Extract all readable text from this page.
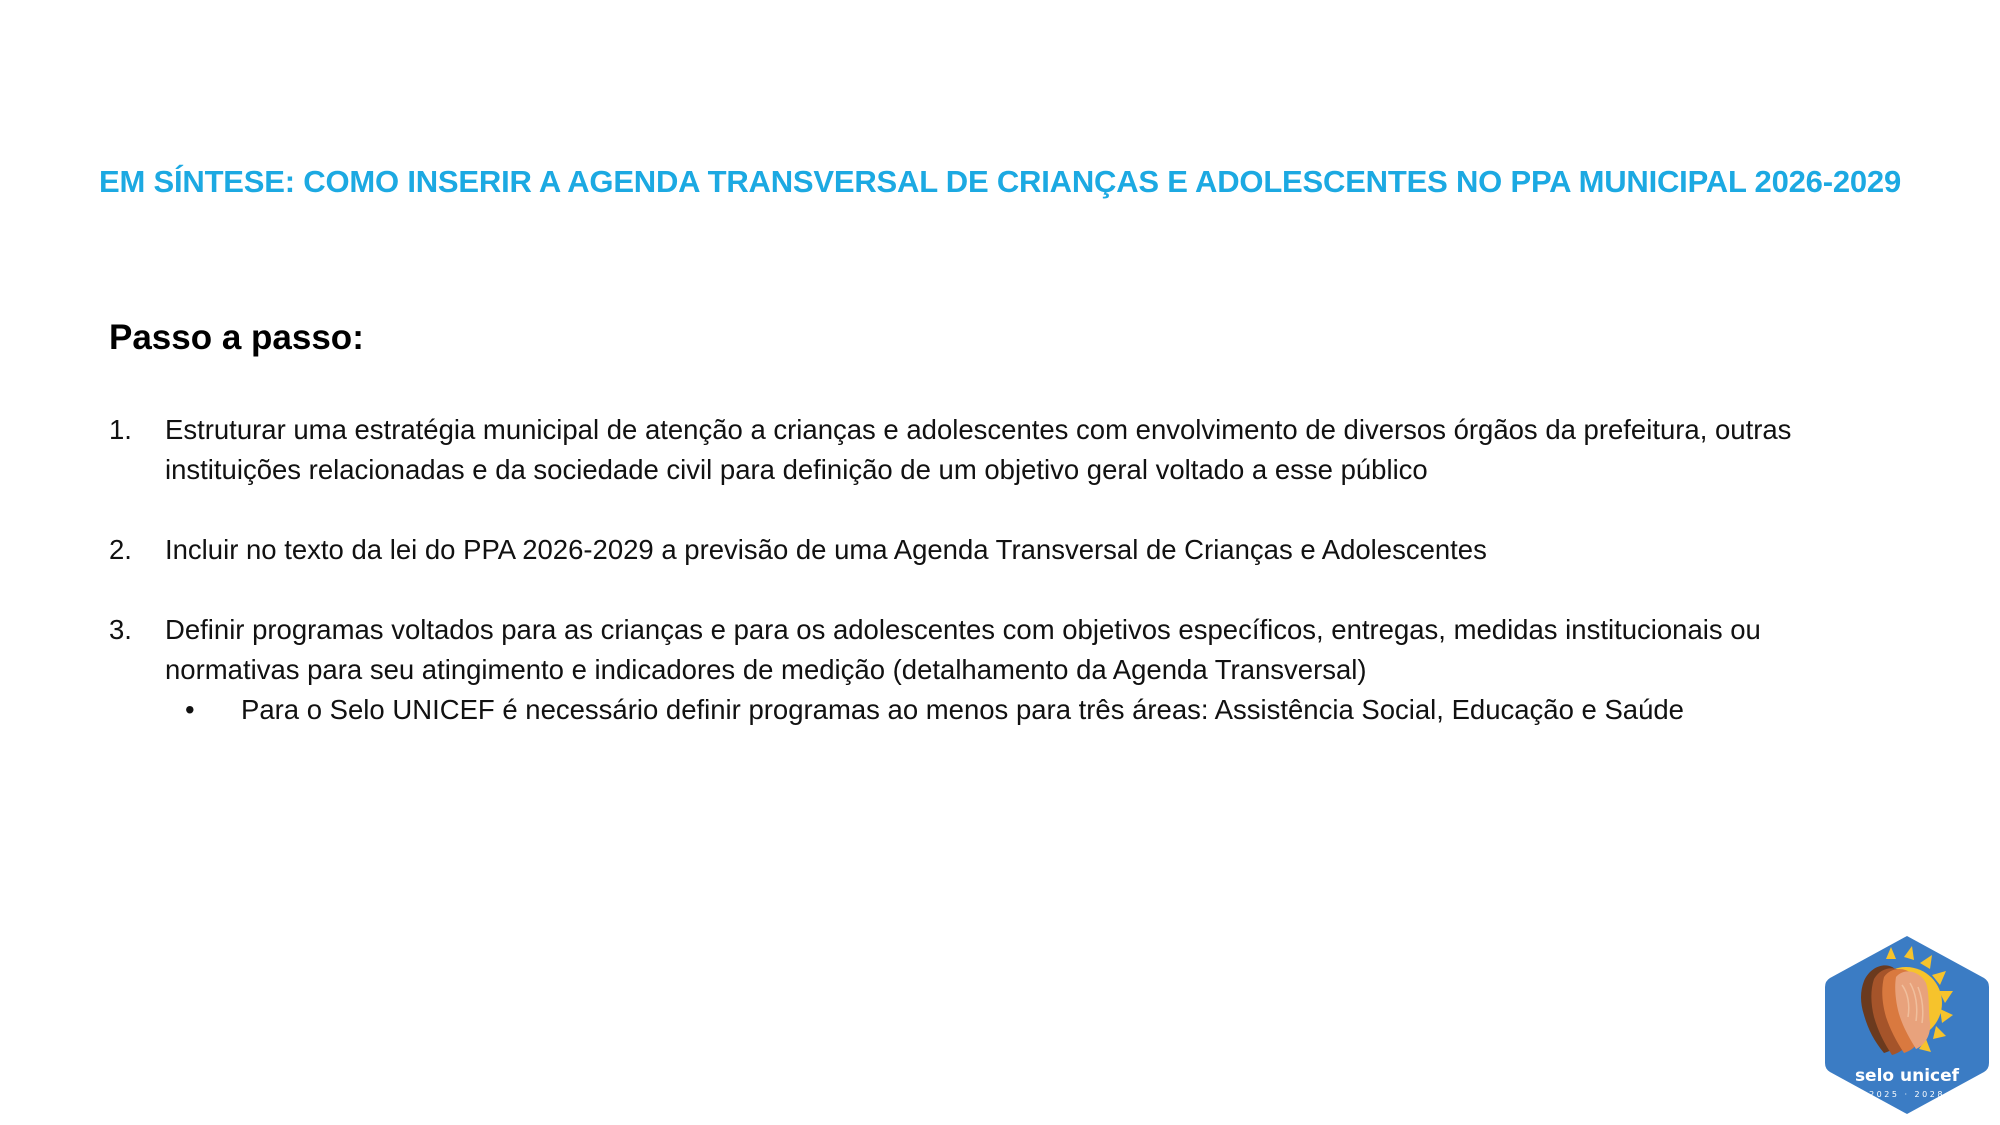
EM SÍNTESE: COMO INSERIR A AGENDA TRANSVERSAL DE CRIANÇAS E ADOLESCENTES NO PPA MUNICIPAL 2026-2029
Passo a passo:
1. Estruturar uma estratégia municipal de atenção a crianças e adolescentes com envolvimento de diversos órgãos da prefeitura, outras instituições relacionadas e da sociedade civil para definição de um objetivo geral voltado a esse público
2. Incluir no texto da lei do PPA 2026-2029 a previsão de uma Agenda Transversal de Crianças e Adolescentes
3. Definir programas voltados para as crianças e para os adolescentes com objetivos específicos, entregas, medidas institucionais ou normativas para seu atingimento e indicadores de medição (detalhamento da Agenda Transversal)
• Para o Selo UNICEF é necessário definir programas ao menos para três áreas: Assistência Social, Educação e Saúde
selo unicef
2025 · 2028
